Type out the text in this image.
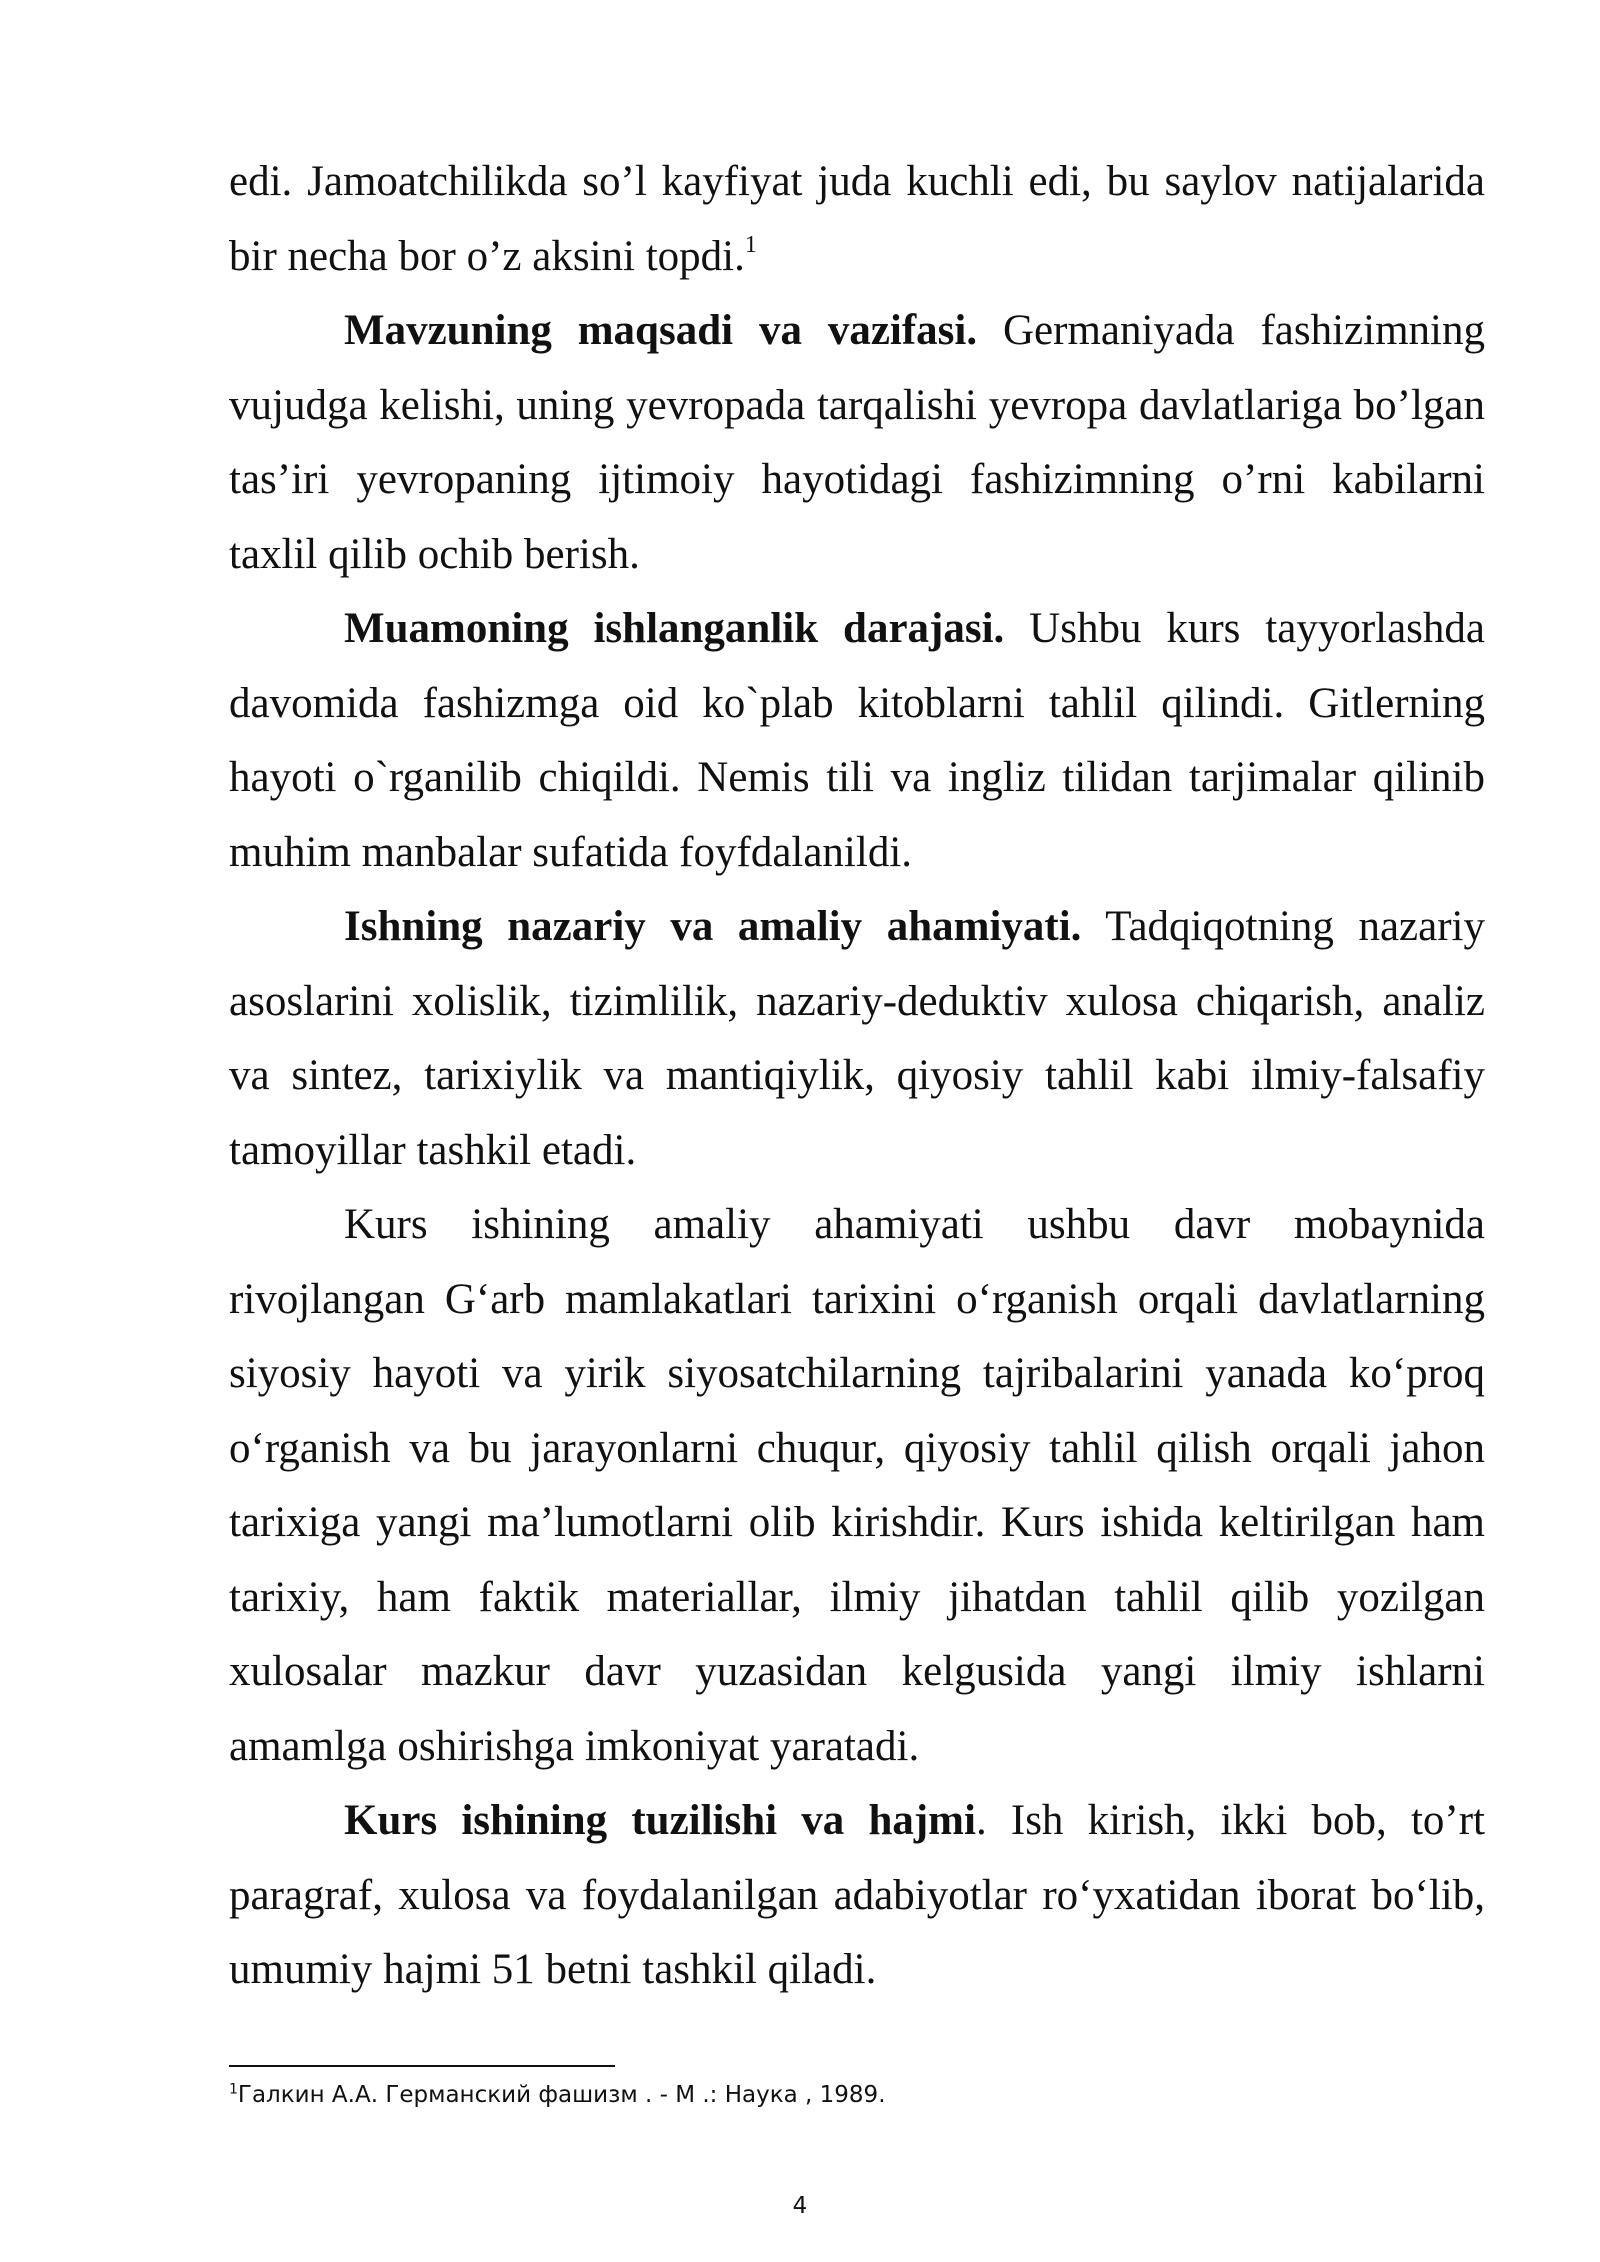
edi. Jamoatchilikda so’l kayfiyat juda kuchli edi, bu saylov natijalarida bir necha bor o’z aksini topdi.$^1$

Mavzuning maqsadi va vazifasi. Germaniyada fashizimning vujudga kelishi, uning yevropada tarqalishi yevropa davlatlariga bo’lgan tas’iri yevropaning ijtimoiy hayotidagi fashizimning o’rni kabilarni taxlil qilib ochib berish.

Muamoning ishlanganlik darajasi. Ushbu kurs tayyorlashda davomida fashizmga oid ko`plab kitoblarni tahlil qilindi. Gitlerning hayoti o`rganilib chiqildi. Nemis tili va ingliz tilidan tarjimalar qilinib muhim manbalar sufatida foyfdalanildi.

Ishning nazariy va amaliy ahamiyati. Tadqiqotning nazariy asoslarini xolislik, tizimlilik, nazariy-deduktiv xulosa chiqarish, analiz va sintez, tarixiylik va mantiqiylik, qiyosiy tahlil kabi ilmiy-falsafiy tamoyillar tashkil etadi.

Kurs ishining amaliy ahamiyati ushbu davr mobaynida rivojlangan G‘arb mamlakatlari tarixini o‘rganish orqali davlatlarning siyosiy hayoti va yirik siyosatchilarning tajribalarini yanada ko‘proq o‘rganish va bu jarayonlarni chuqur, qiyosiy tahlil qilish orqali jahon tarixiga yangi ma’lumotlarni olib kirishdir. Kurs ishida keltirilgan ham tarixiy, ham faktik materiallar, ilmiy jihatdan tahlil qilib yozilgan xulosalar mazkur davr yuzasidan kelgusida yangi ilmiy ishlarni amamlga oshirishga imkoniyat yaratadi.

Kurs ishining tuzilishi va hajmi. Ish kirish, ikki bob, to’rt paragraf, xulosa va foydalanilgan adabiyotlar ro‘yxatidan iborat bo‘lib, umumiy hajmi 51 betni tashkil qiladi.

$^1$Галкин А.А. Германский фашизм . - М .: Наука , 1989.
4
